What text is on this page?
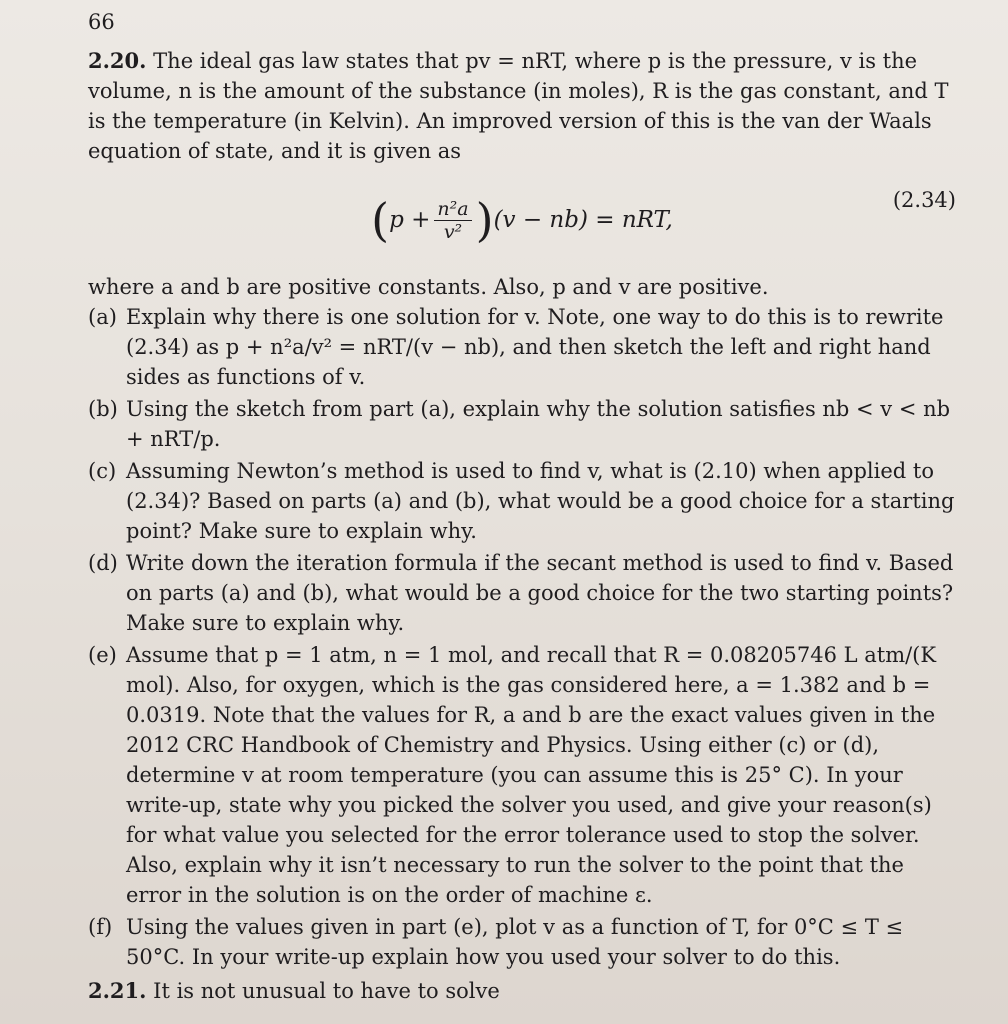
66
2.20. The ideal gas law states that pv = nRT, where p is the pressure, v is the volume, n is the amount of the substance (in moles), R is the gas constant, and T is the temperature (in Kelvin). An improved version of this is the van der Waals equation of state, and it is given as
( $p + \frac{\text{n²a}}{\text{v²}}$ ) (v − nb) = nRT,
(2.34)
where a and b are positive constants. Also, p and v are positive.
(a) Explain why there is one solution for v. Note, one way to do this is to rewrite (2.34) as p + n²a/v² = nRT/(v − nb), and then sketch the left and right hand sides as functions of v.
(b) Using the sketch from part (a), explain why the solution satisfies nb < v < nb + nRT/p.
(c) Assuming Newton’s method is used to find v, what is (2.10) when applied to (2.34)? Based on parts (a) and (b), what would be a good choice for a starting point? Make sure to explain why.
(d) Write down the iteration formula if the secant method is used to find v. Based on parts (a) and (b), what would be a good choice for the two starting points? Make sure to explain why.
(e) Assume that p = 1 atm, n = 1 mol, and recall that R = 0.08205746 L atm/(K mol). Also, for oxygen, which is the gas considered here, a = 1.382 and b = 0.0319. Note that the values for R, a and b are the exact values given in the 2012 CRC Handbook of Chemistry and Physics. Using either (c) or (d), determine v at room temperature (you can assume this is 25° C). In your write-up, state why you picked the solver you used, and give your reason(s) for what value you selected for the error tolerance used to stop the solver. Also, explain why it isn’t necessary to run the solver to the point that the error in the solution is on the order of machine ε.
(f) Using the values given in part (e), plot v as a function of T, for 0°C ≤ T ≤ 50°C. In your write-up explain how you used your solver to do this.
2.21. It is not unusual to have to solve
